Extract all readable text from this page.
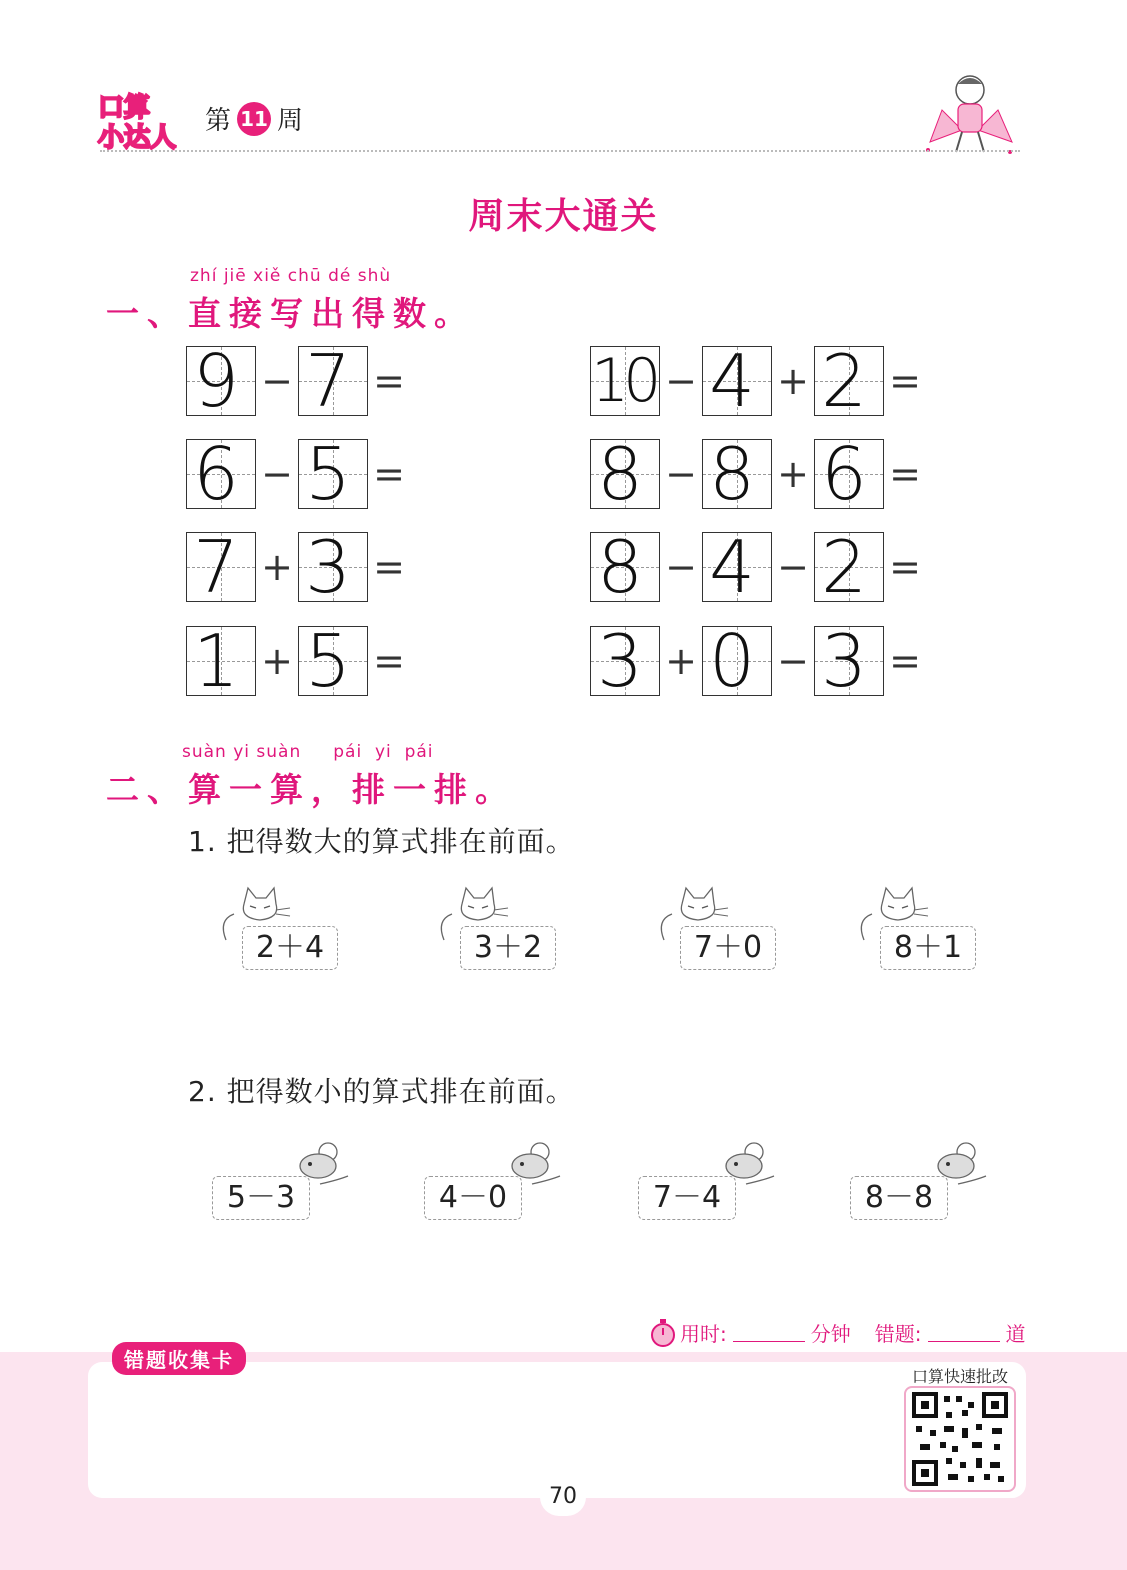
口算
小达人
第 11 周
周末大通关
zhí jiē xiě chū dé shù
一、直接写出得数。
9 − 7 =
6 − 5 =
7 + 3 =
1 + 5 =
10 − 4 + 2 =
8 − 8 + 6 =
8 − 4 − 2 =
3 + 0 − 3 =
suàn yi suàn     pái  yi  pái
二、算一算，排一排。
1. 把得数大的算式排在前面。
2＋4	3＋2	7＋0	8＋1
2. 把得数小的算式排在前面。
5－3	4－0	7－4	8－8
用时:	分钟 错题:	道
错题收集卡
口算快速批改
70
